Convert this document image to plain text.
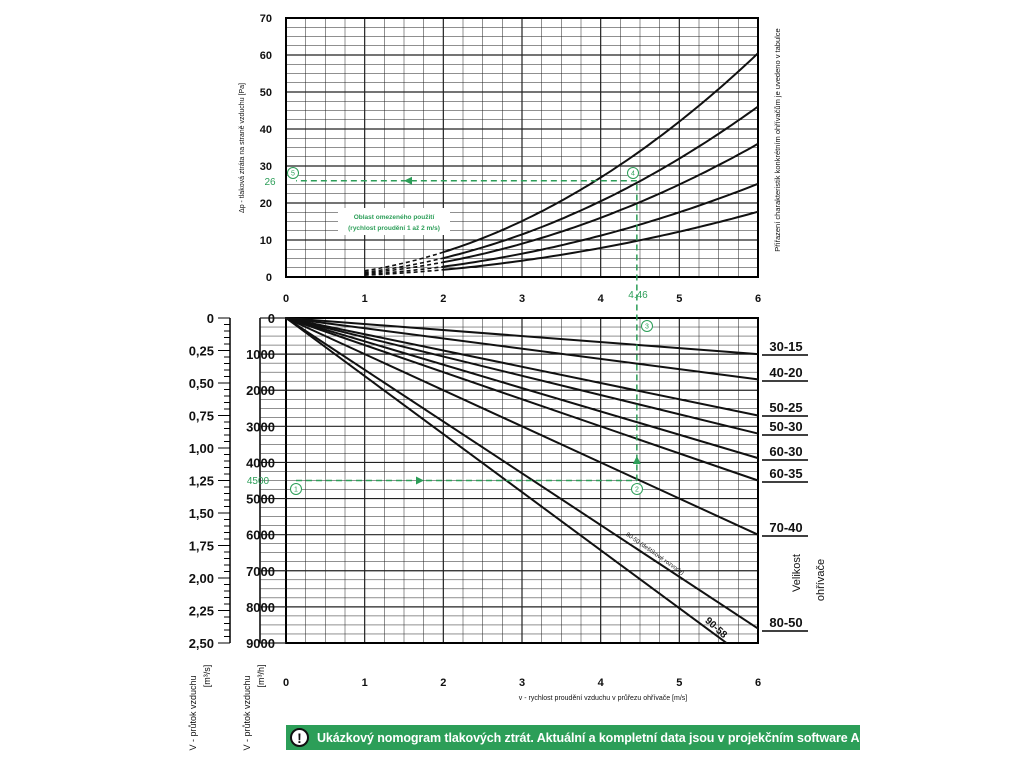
Oblast omezeného použití
(rychlost proudění 1 až 2 m/s)
30-15
40-20
50-25
50-30
60-30
60-35
70-40
80-50
90-58
80-50 (deštíkové rozvody)	Velikost ohřívače
0	1	2	3	4	5	6
0
10
20
30
40
50
60
70
Δp - tlaková ztráta na straně vzduchu [Pa]	Přiřazení charakteristik konkrétním ohřívačům je uvedeno v tabulce
0	1	2	3	4	5	6
v - rychlost proudění vzduchu v průřezu ohřívače [m/s]
0
1000
2000
3000
4000
5000
6000
7000
8000
9000
0
0,25
0,50
0,75
1,00
1,25
1,50
1,75
2,00
2,25
2,50
V - průtok vzduchu [m³/s]	V - průtok vzduchu [m³/h]
1	2
3
4
5
4500
26
4.46
!	Ukázkový nomogram tlakových ztrát. Aktuální a kompletní data jsou v projekčním software AeroCAD.
